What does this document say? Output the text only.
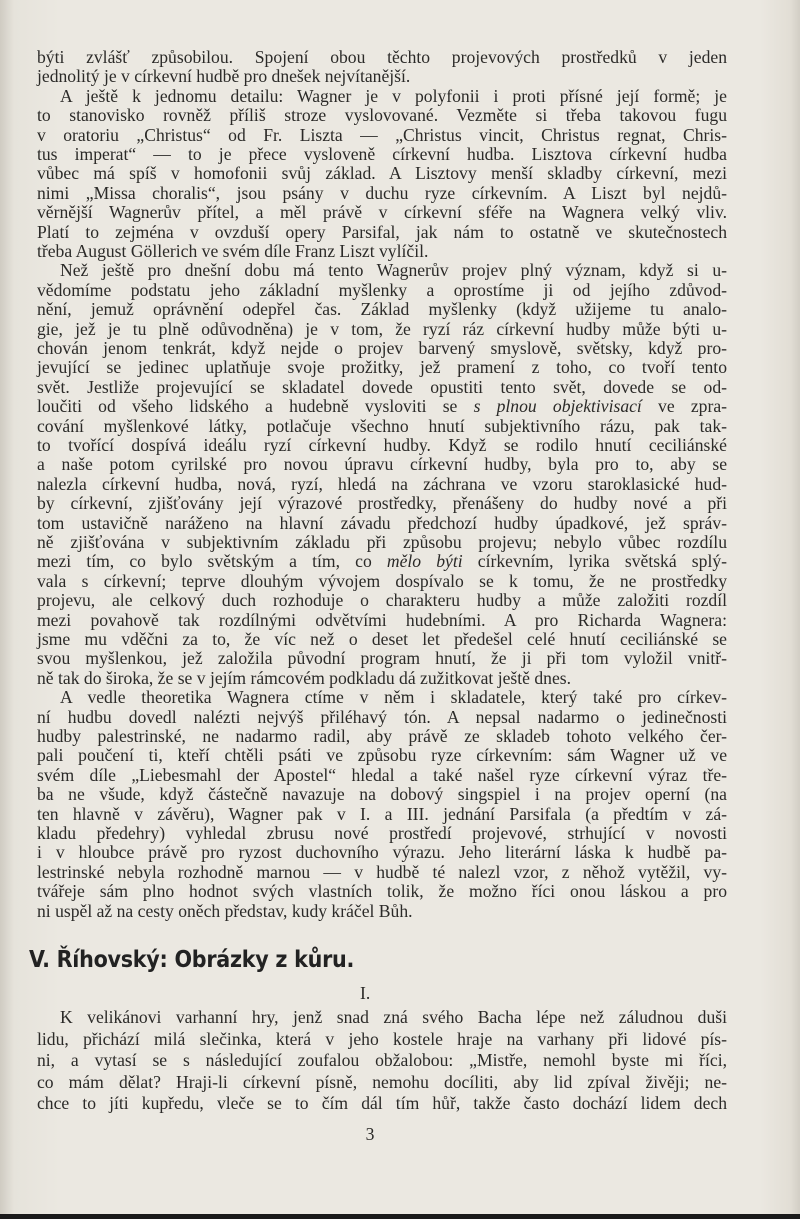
býti zvlášť způsobilou. Spojení obou těchto projevových prostředků v jeden
jednolitý je v církevní hudbě pro dnešek nejvítanější.
A ještě k jednomu detailu: Wagner je v polyfonii i proti přísné její formě; je
to stanovisko rovněž příliš stroze vyslovované. Vezměte si třeba takovou fugu
v oratoriu „Christus“ od Fr. Liszta — „Christus vincit, Christus regnat, Chris-
tus imperat“ — to je přece vysloveně církevní hudba. Lisztova církevní hudba
vůbec má spíš v homofonii svůj základ. A Lisztovy menší skladby církevní, mezi
nimi „Missa choralis“, jsou psány v duchu ryze církevním. A Liszt byl nejdů-
věrnější Wagnerův přítel, a měl právě v církevní sféře na Wagnera velký vliv.
Platí to zejména v ovzduší opery Parsifal, jak nám to ostatně ve skutečnostech
třeba August Göllerich ve svém díle Franz Liszt vylíčil.
Než ještě pro dnešní dobu má tento Wagnerův projev plný význam, když si u-
vědomíme podstatu jeho základní myšlenky a oprostíme ji od jejího zdůvod-
nění, jemuž oprávnění odepřel čas. Základ myšlenky (když užijeme tu analo-
gie, jež je tu plně odůvodněna) je v tom, že ryzí ráz církevní hudby může býti u-
chován jenom tenkrát, když nejde o projev barvený smyslově, světsky, když pro-
jevující se jedinec uplatňuje svoje prožitky, jež pramení z toho, co tvoří tento
svět. Jestliže projevující se skladatel dovede opustiti tento svět, dovede se od-
loučiti od všeho lidského a hudebně vysloviti se s plnou objektivisací ve zpra-
cování myšlenkové látky, potlačuje všechno hnutí subjektivního rázu, pak tak-
to tvořící dospívá ideálu ryzí církevní hudby. Když se rodilo hnutí ceciliánské
a naše potom cyrilské pro novou úpravu církevní hudby, byla pro to, aby se
nalezla církevní hudba, nová, ryzí, hledá na záchrana ve vzoru staroklasické hud-
by církevní, zjišťovány její výrazové prostředky, přenášeny do hudby nové a při
tom ustavičně naráženo na hlavní závadu předchozí hudby úpadkové, jež správ-
ně zjišťována v subjektivním základu při způsobu projevu; nebylo vůbec rozdílu
mezi tím, co bylo světským a tím, co mělo býti církevním, lyrika světská splý-
vala s církevní; teprve dlouhým vývojem dospívalo se k tomu, že ne prostředky
projevu, ale celkový duch rozhoduje o charakteru hudby a může založiti rozdíl
mezi povahově tak rozdílnými odvětvími hudebními. A pro Richarda Wagnera:
jsme mu vděčni za to, že víc než o deset let předešel celé hnutí ceciliánské se
svou myšlenkou, jež založila původní program hnutí, že ji při tom vyložil vnitř-
ně tak do široka, že se v jejím rámcovém podkladu dá zužitkovat ještě dnes.
A vedle theoretika Wagnera ctíme v něm i skladatele, který také pro církev-
ní hudbu dovedl nalézti nejvýš přiléhavý tón. A nepsal nadarmo o jedinečnosti
hudby palestrinské, ne nadarmo radil, aby právě ze skladeb tohoto velkého čer-
pali poučení ti, kteří chtěli psáti ve způsobu ryze církevním: sám Wagner už ve
svém díle „Liebesmahl der Apostel“ hledal a také našel ryze církevní výraz tře-
ba ne všude, když částečně navazuje na dobový singspiel i na projev operní (na
ten hlavně v závěru), Wagner pak v I. a III. jednání Parsifala (a předtím v zá-
kladu předehry) vyhledal zbrusu nové prostředí projevové, strhující v novosti
i v hloubce právě pro ryzost duchovního výrazu. Jeho literární láska k hudbě pa-
lestrinské nebyla rozhodně marnou — v hudbě té nalezl vzor, z něhož vytěžil, vy-
tvářeje sám plno hodnot svých vlastních tolik, že možno říci onou láskou a pro
ni uspěl až na cesty oněch představ, kudy kráčel Bůh.
V. Říhovský: Obrázky z kůru.
I.
K velikánovi varhanní hry, jenž snad zná svého Bacha lépe než záludnou duši
lidu, přichází milá slečinka, která v jeho kostele hraje na varhany při lidové pís-
ni, a vytasí se s následující zoufalou obžalobou: „Mistře, nemohl byste mi říci,
co mám dělat? Hraji-li církevní písně, nemohu docíliti, aby lid zpíval živěji; ne-
chce to jíti kupředu, vleče se to čím dál tím hůř, takže často dochází lidem dech
3
